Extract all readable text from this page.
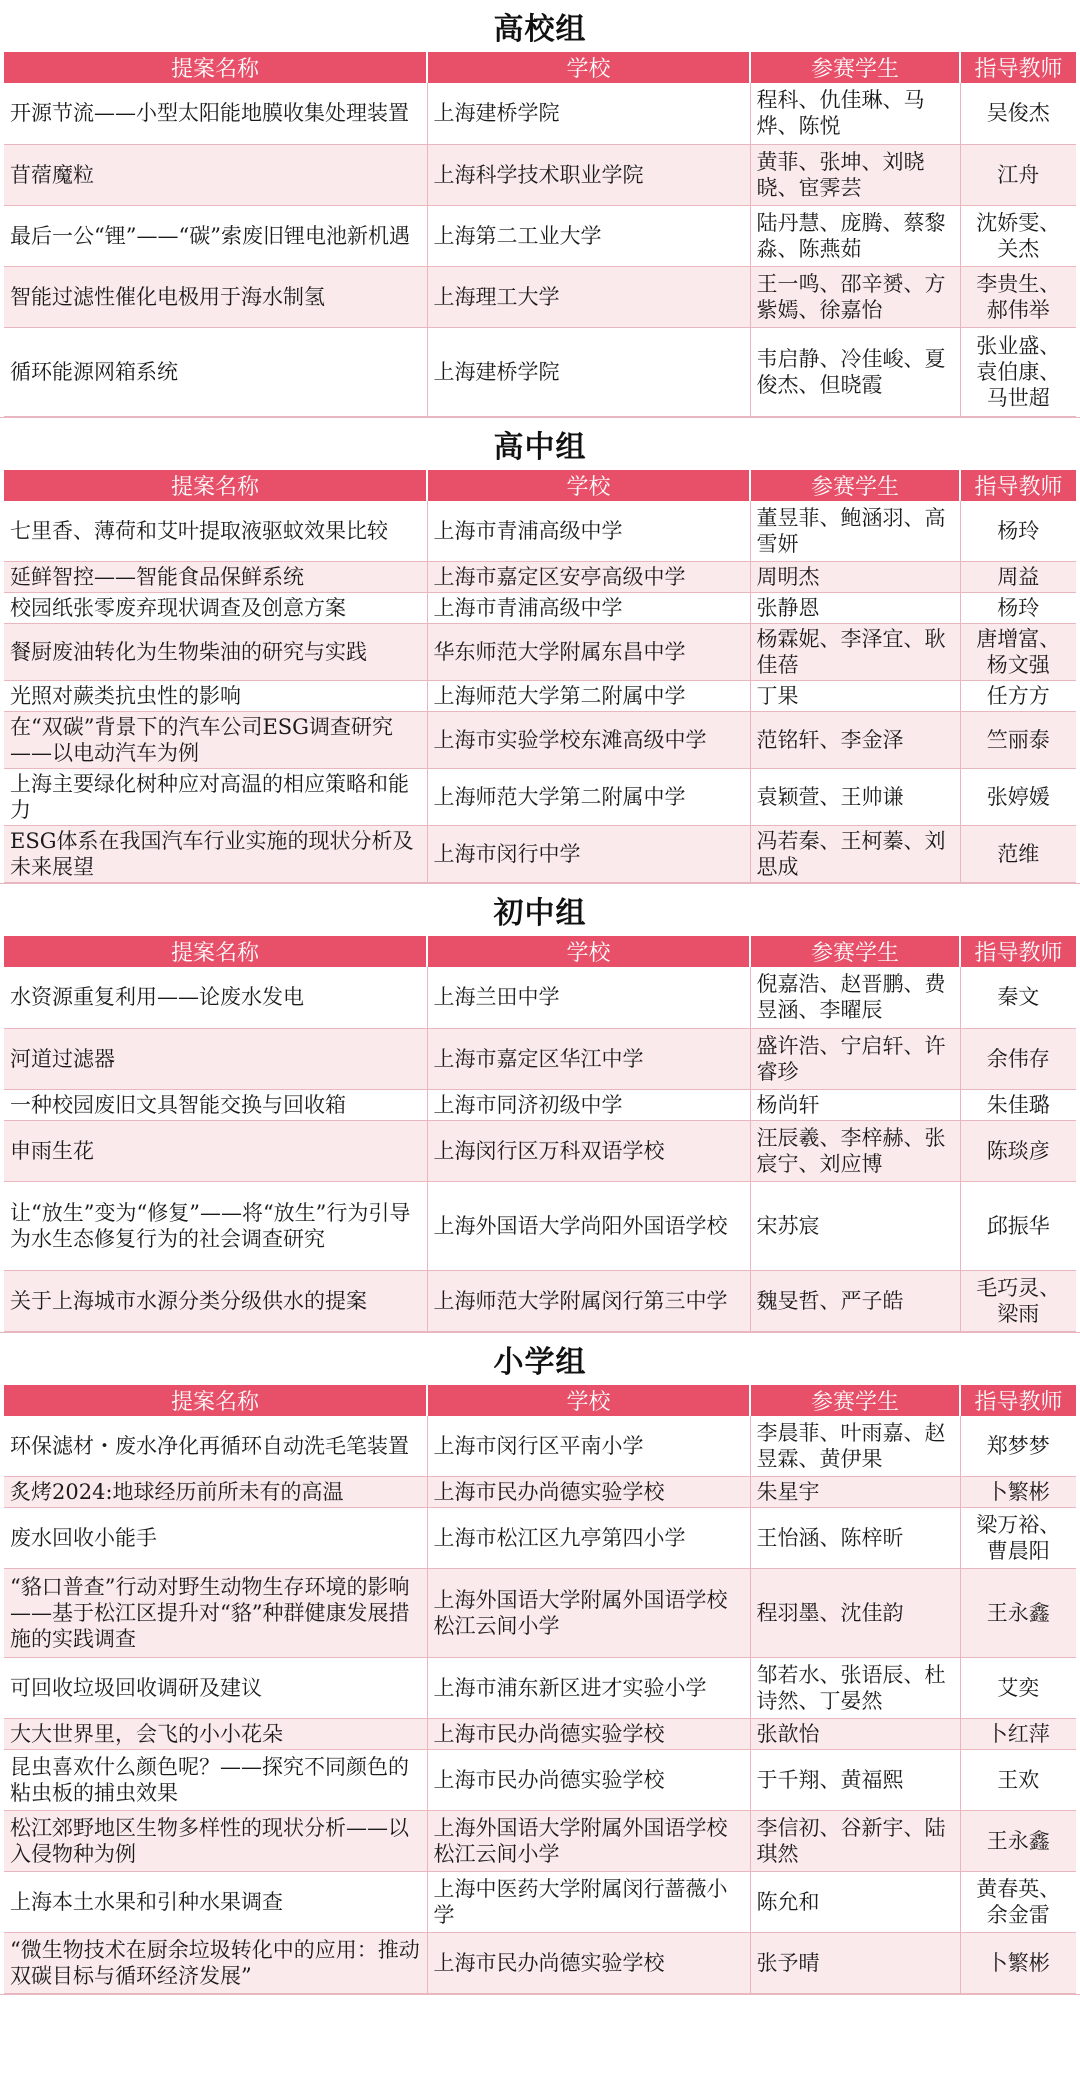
高校组
提案名称	学校	参赛学生	指导教师
开源节流——小型太阳能地膜收集处理装置	上海建桥学院	程科、仇佳琳、马烨、陈悦	吴俊杰
苜蓿魔粒	上海科学技术职业学院	黄菲、张坤、刘晓晓、宦霁芸	江舟
最后一公“锂”——“碳”索废旧锂电池新机遇	上海第二工业大学	陆丹慧、庞腾、蔡黎淼、陈燕茹	沈娇雯、关杰
智能过滤性催化电极用于海水制氢	上海理工大学	王一鸣、邵辛赟、方紫嫣、徐嘉怡	李贵生、郝伟举
循环能源网箱系统	上海建桥学院	韦启静、冷佳峻、夏俊杰、但晓霞	张业盛、袁伯康、马世超
高中组
提案名称	学校	参赛学生	指导教师
七里香、薄荷和艾叶提取液驱蚊效果比较	上海市青浦高级中学	董昱菲、鲍涵羽、高雪妍	杨玲
延鲜智控——智能食品保鲜系统	上海市嘉定区安亭高级中学	周明杰	周益
校园纸张零废弃现状调查及创意方案	上海市青浦高级中学	张静恩	杨玲
餐厨废油转化为生物柴油的研究与实践	华东师范大学附属东昌中学	杨霖妮、李泽宜、耿佳蓓	唐增富、杨文强
光照对蕨类抗虫性的影响	上海师范大学第二附属中学	丁果	任方方
在“双碳”背景下的汽车公司ESG调查研究——以电动汽车为例	上海市实验学校东滩高级中学	范铭轩、李金泽	竺丽泰
上海主要绿化树种应对高温的相应策略和能力	上海师范大学第二附属中学	袁颖萱、王帅谦	张婷媛
ESG体系在我国汽车行业实施的现状分析及未来展望	上海市闵行中学	冯若秦、王柯蓁、刘思成	范维
初中组
提案名称	学校	参赛学生	指导教师
水资源重复利用——论废水发电	上海兰田中学	倪嘉浩、赵晋鹏、费昱涵、李曜辰	秦文
河道过滤器	上海市嘉定区华江中学	盛许浩、宁启轩、许睿珍	余伟存
一种校园废旧文具智能交换与回收箱	上海市同济初级中学	杨尚轩	朱佳璐
申雨生花	上海闵行区万科双语学校	汪辰羲、李梓赫、张宸宁、刘应博	陈琰彦
让“放生”变为“修复”——将“放生”行为引导为水生态修复行为的社会调查研究	上海外国语大学尚阳外国语学校	宋苏宸	邱振华
关于上海城市水源分类分级供水的提案	上海师范大学附属闵行第三中学	魏旻哲、严子皓	毛巧灵、梁雨
小学组
提案名称	学校	参赛学生	指导教师
环保滤材・废水净化再循环自动洗毛笔装置	上海市闵行区平南小学	李晨菲、叶雨嘉、赵昱霖、黄伊果	郑梦梦
炙烤2024:地球经历前所未有的高温	上海市民办尚德实验学校	朱星宇	卜繁彬
废水回收小能手	上海市松江区九亭第四小学	王怡涵、陈梓昕	梁万裕、曹晨阳
“貉口普查”行动对野生动物生存环境的影响——基于松江区提升对“貉”种群健康发展措施的实践调查	上海外国语大学附属外国语学校松江云间小学	程羽墨、沈佳韵	王永鑫
可回收垃圾回收调研及建议	上海市浦东新区进才实验小学	邹若水、张语辰、杜诗然、丁晏然	艾奕
大大世界里，会飞的小小花朵	上海市民办尚德实验学校	张歆怡	卜红萍
昆虫喜欢什么颜色呢？——探究不同颜色的粘虫板的捕虫效果	上海市民办尚德实验学校	于千翔、黄福熙	王欢
松江郊野地区生物多样性的现状分析——以入侵物种为例	上海外国语大学附属外国语学校松江云间小学	李信初、谷新宇、陆琪然	王永鑫
上海本土水果和引种水果调查	上海中医药大学附属闵行蔷薇小学	陈允和	黄春英、余金雷
“微生物技术在厨余垃圾转化中的应用：推动双碳目标与循环经济发展”	上海市民办尚德实验学校	张予晴	卜繁彬
